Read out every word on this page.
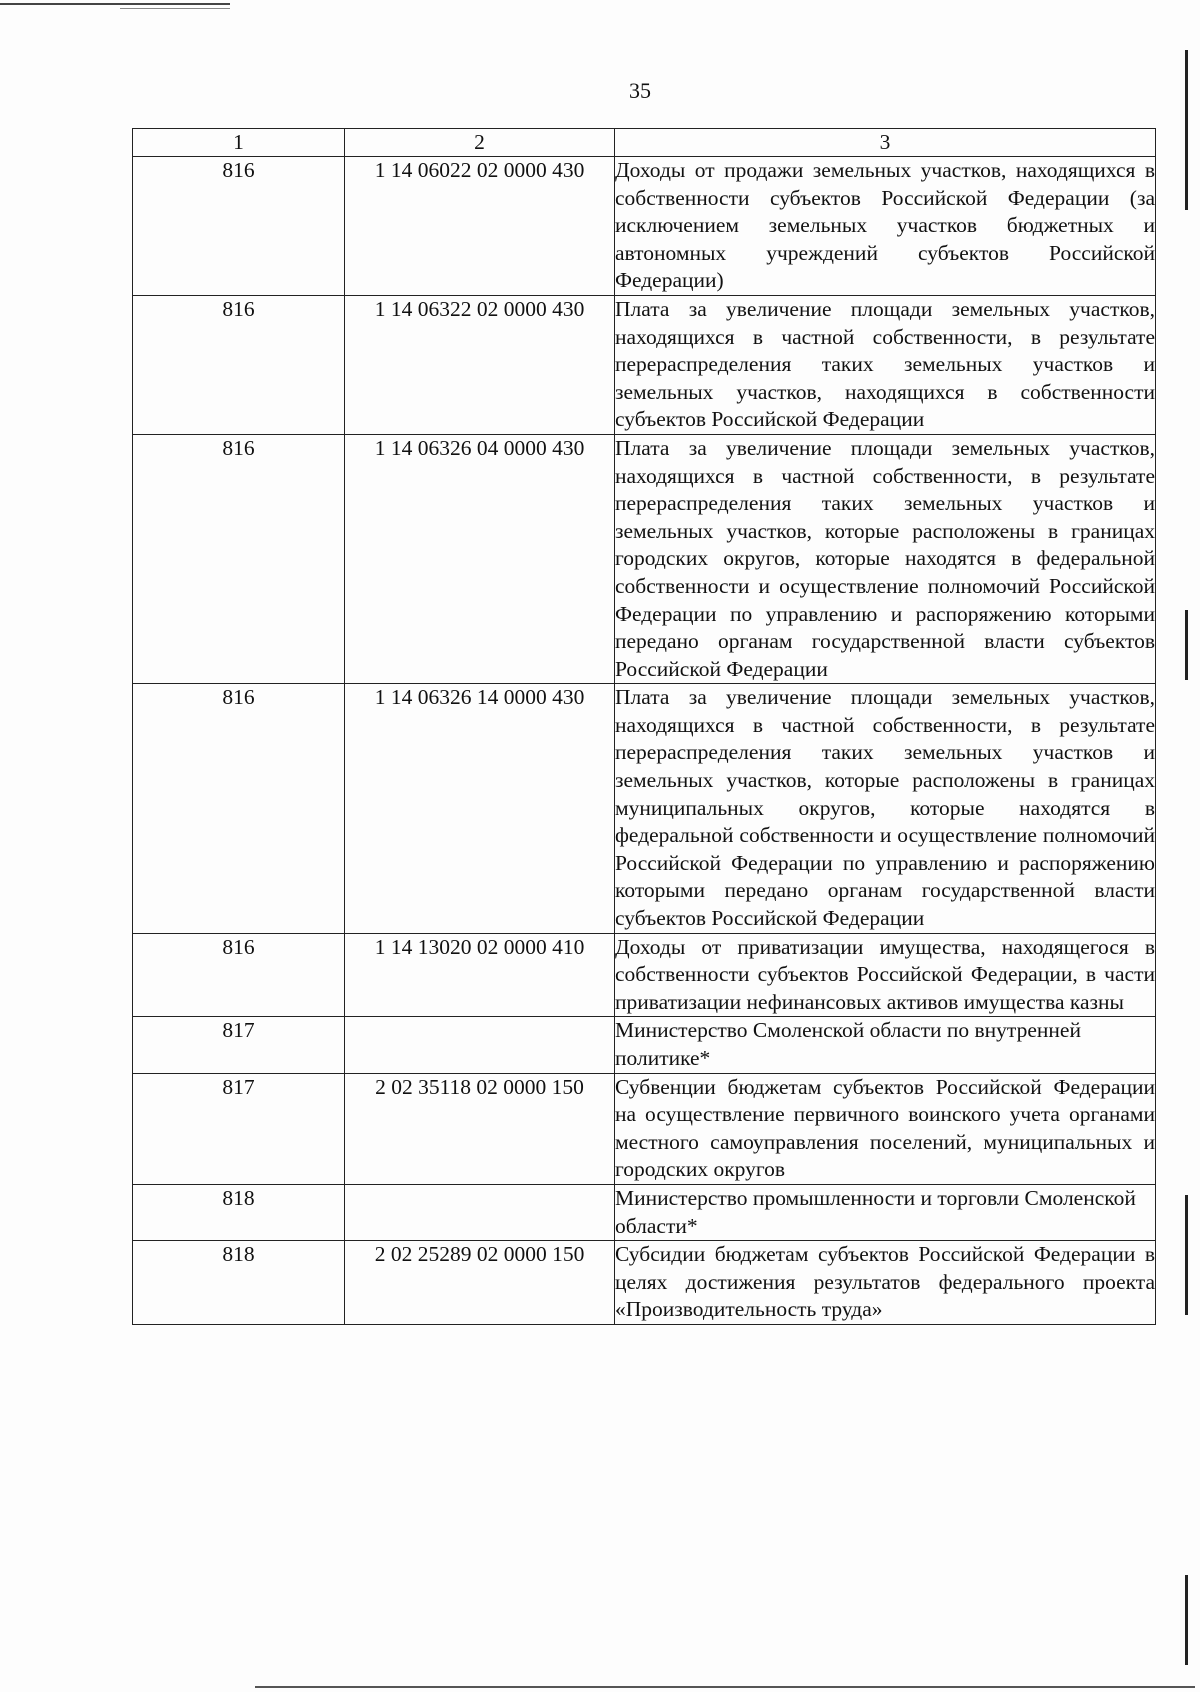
35
1	2	3
816	1 14 06022 02 0000 430	Доходы от продажи земельных участков, находящихся в собственности субъектов Российской Федерации (за исключением земельных участков бюджетных и автономных учреждений субъектов Российской Федерации)
816	1 14 06322 02 0000 430	Плата за увеличение площади земельных участков, находящихся в частной собственности, в результате перераспределения таких земельных участков и земельных участков, находящихся в собственности субъектов Российской Федерации
816	1 14 06326 04 0000 430	Плата за увеличение площади земельных участков, находящихся в частной собственности, в результате перераспределения таких земельных участков и земельных участков, которые расположены в границах городских округов, которые находятся в федеральной собственности и осуществление полномочий Российской Федерации по управлению и распоряжению которыми передано органам государственной власти субъектов Российской Федерации
816	1 14 06326 14 0000 430	Плата за увеличение площади земельных участков, находящихся в частной собственности, в результате перераспределения таких земельных участков и земельных участков, которые расположены в границах муниципальных округов, которые находятся в федеральной собственности и осуществление полномочий Российской Федерации по управлению и распоряжению которыми передано органам государственной власти субъектов Российской Федерации
816	1 14 13020 02 0000 410	Доходы от приватизации имущества, находящегося в собственности субъектов Российской Федерации, в части приватизации нефинансовых активов имущества казны
817		Министерство Смоленской области по внутренней политике*
817	2 02 35118 02 0000 150	Субвенции бюджетам субъектов Российской Федерации на осуществление первичного воинского учета органами местного самоуправления поселений, муниципальных и городских округов
818		Министерство промышленности и торговли Смоленской области*
818	2 02 25289 02 0000 150	Субсидии бюджетам субъектов Российской Федерации в целях достижения результатов федерального проекта «Производительность труда»
